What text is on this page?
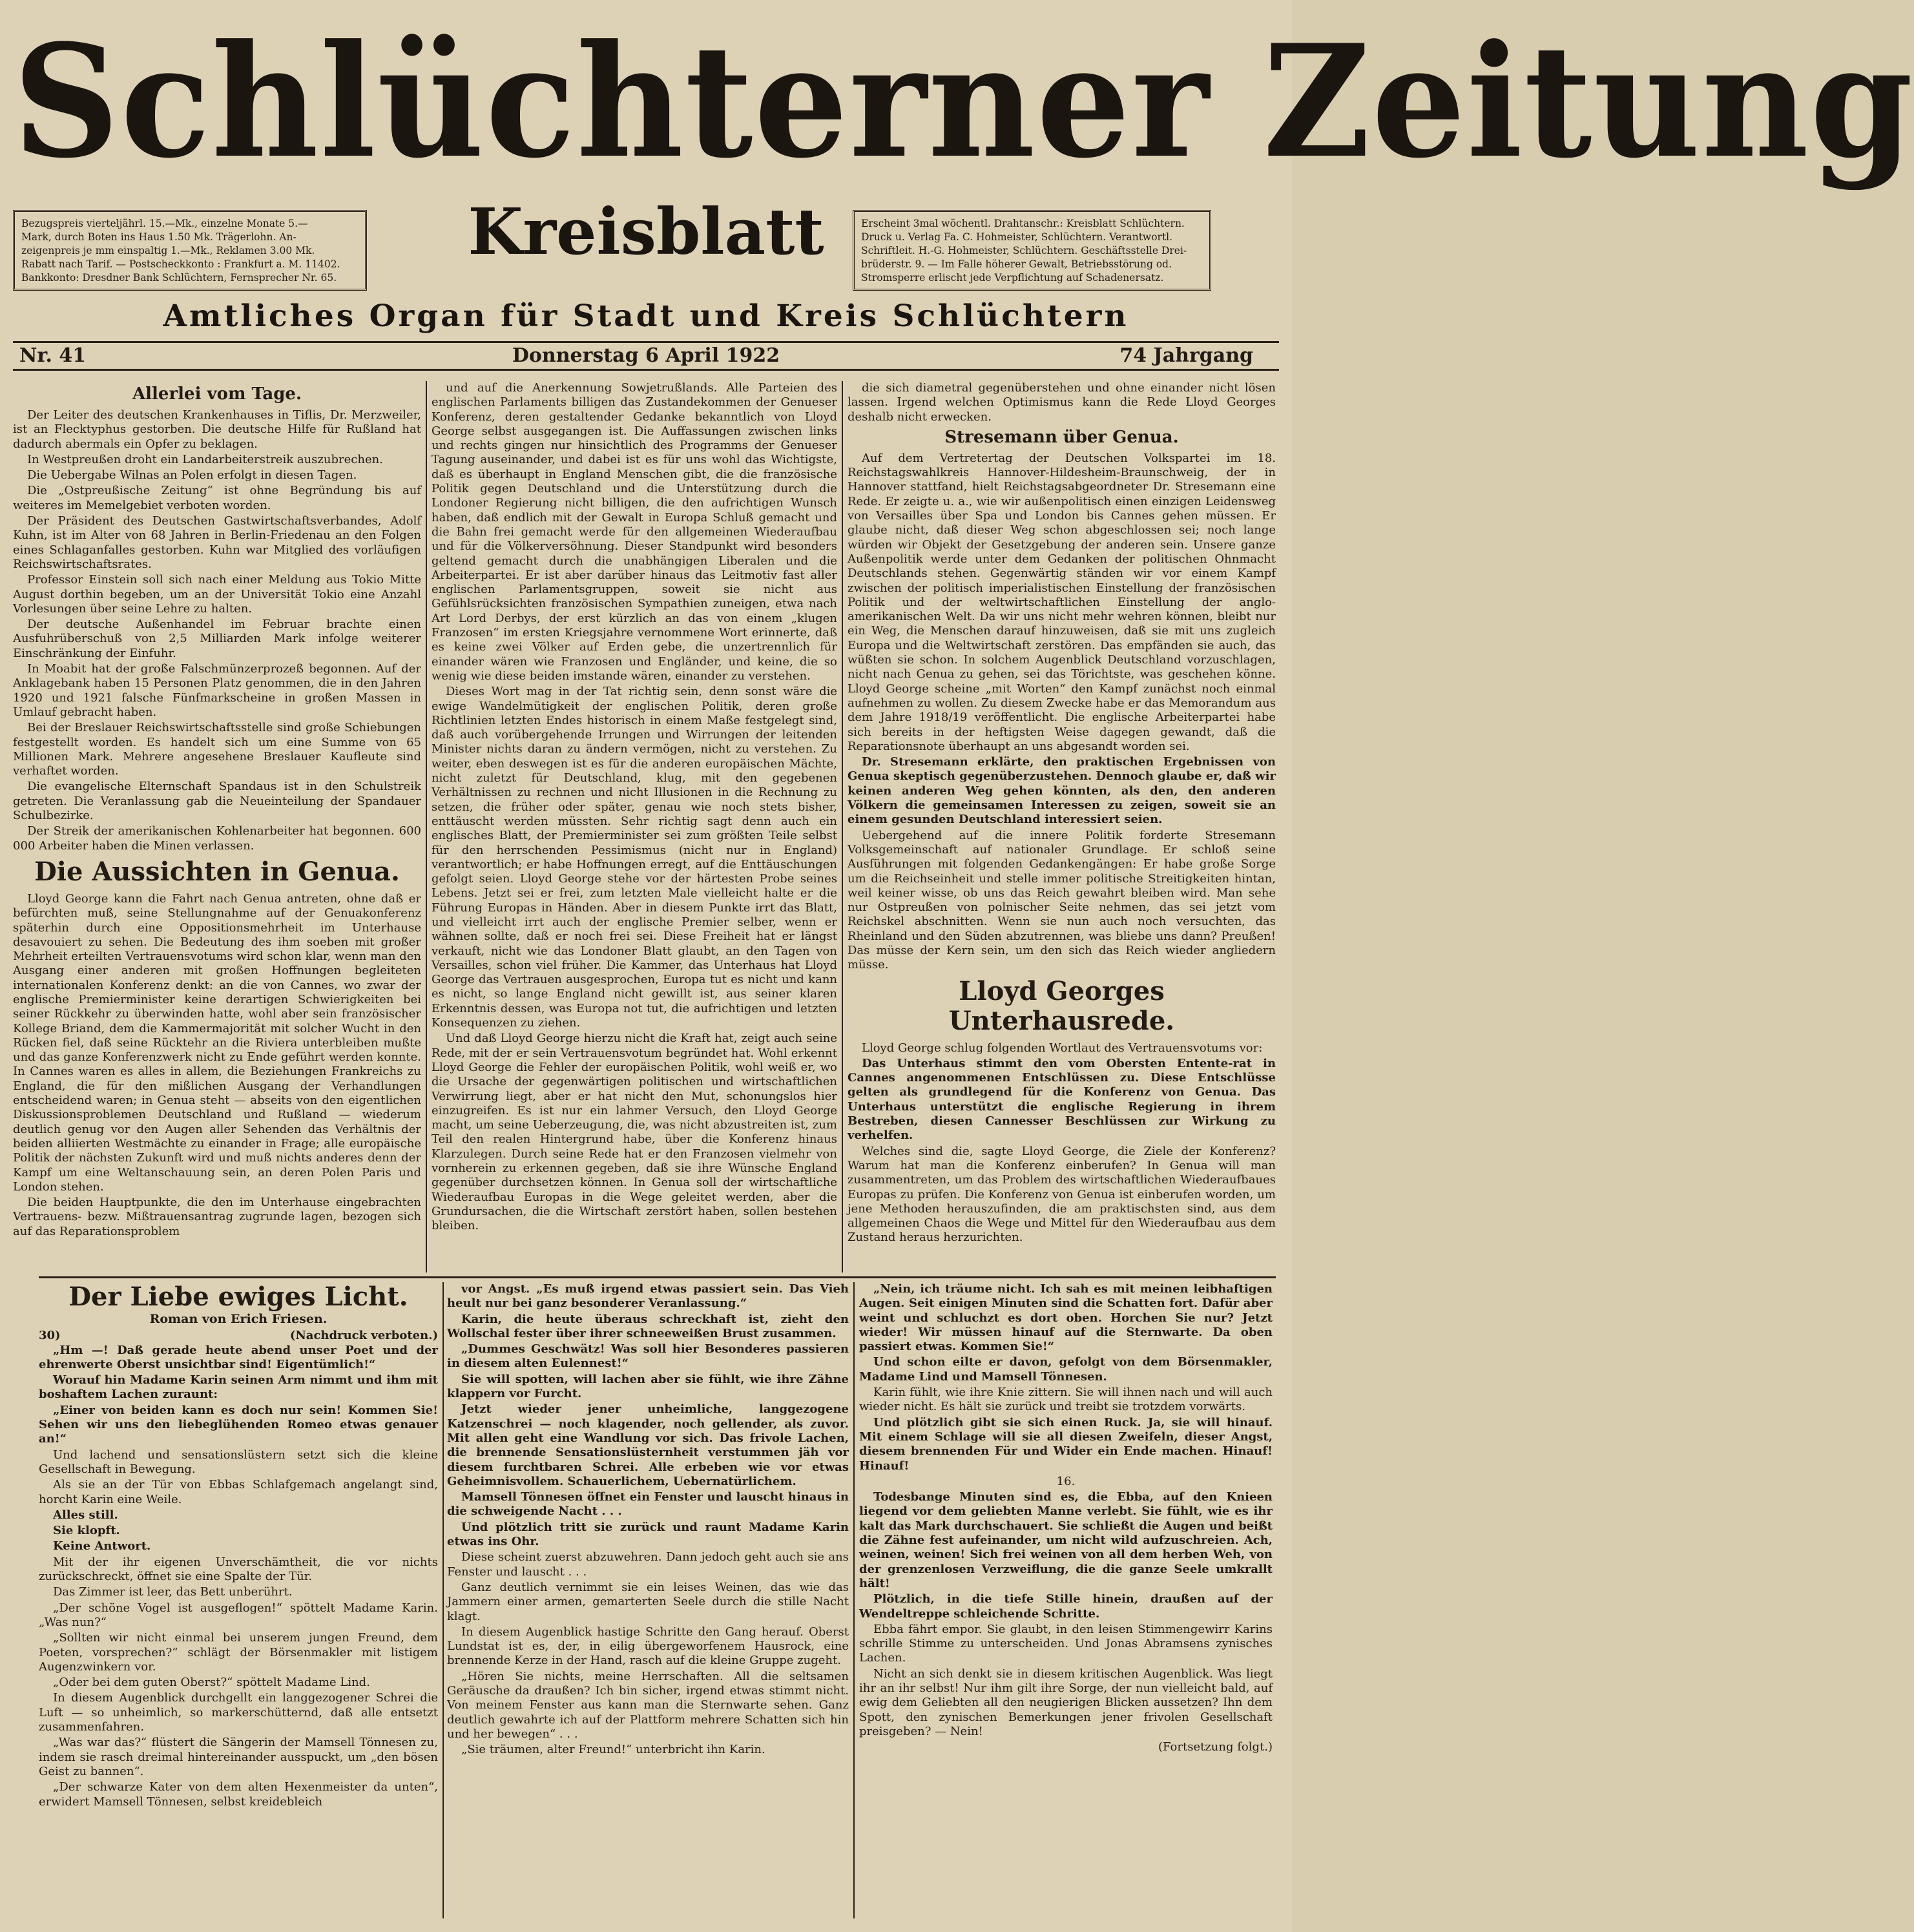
Schlüchterner Zeitung
Bezugspreis vierteljährl. 15.—Mk., einzelne Monate 5.—
Mark, durch Boten ins Haus 1.50 Mk. Trägerlohn. An-
zeigenpreis je mm einspaltig 1.—Mk., Reklamen 3.00 Mk.
Rabatt nach Tarif. — Postscheckkonto : Frankfurt a. M. 11402.
Bankkonto: Dresdner Bank Schlüchtern, Fernsprecher Nr. 65.
Kreisblatt	Erscheint 3mal wöchentl. Drahtanschr.: Kreisblatt Schlüchtern.
Druck u. Verlag Fa. C. Hohmeister, Schlüchtern. Verantwortl.
Schriftleit. H.-G. Hohmeister, Schlüchtern. Geschäftsstelle Drei-
brüderstr. 9. — Im Falle höherer Gewalt, Betriebsstörung od.
Stromsperre erlischt jede Verpflichtung auf Schadenersatz.
Amtliches Organ für Stadt und Kreis Schlüchtern
Donnerstag 6 April 1922
Nr. 41	74 Jahrgang
Allerlei vom Tage.

Der Leiter des deutschen Krankenhauses in Tiflis, Dr. Merzweiler, ist an Flecktyphus gestorben. Die deutsche Hilfe für Rußland hat dadurch abermals ein Opfer zu beklagen.

In Westpreußen droht ein Landarbeiterstreik auszubrechen.

Die Uebergabe Wilnas an Polen erfolgt in diesen Tagen.

Die „Ostpreußische Zeitung“ ist ohne Begründung bis auf weiteres im Memelgebiet verboten worden.

Der Präsident des Deutschen Gastwirtschaftsverbandes, Adolf Kuhn, ist im Alter von 68 Jahren in Berlin-Friedenau an den Folgen eines Schlaganfalles gestorben. Kuhn war Mitglied des vorläufigen Reichswirtschaftsrates.

Professor Einstein soll sich nach einer Meldung aus Tokio Mitte August dorthin begeben, um an der Universität Tokio eine Anzahl Vorlesungen über seine Lehre zu halten.

Der deutsche Außenhandel im Februar brachte einen Ausfuhrüberschuß von 2,5 Milliarden Mark infolge weiterer Einschränkung der Einfuhr.

In Moabit hat der große Falschmünzerprozeß begonnen. Auf der Anklagebank haben 15 Personen Platz genommen, die in den Jahren 1920 und 1921 falsche Fünfmarkscheine in großen Massen in Umlauf gebracht haben.

Bei der Breslauer Reichswirtschaftsstelle sind große Schiebungen festgestellt worden. Es handelt sich um eine Summe von 65 Millionen Mark. Mehrere angesehene Breslauer Kaufleute sind verhaftet worden.

Die evangelische Elternschaft Spandaus ist in den Schulstreik getreten. Die Veranlassung gab die Neueinteilung der Spandauer Schulbezirke.

Der Streik der amerikanischen Kohlenarbeiter hat begonnen. 600 000 Arbeiter haben die Minen verlassen.

Die Aussichten in Genua.

Lloyd George kann die Fahrt nach Genua antreten, ohne daß er befürchten muß, seine Stellungnahme auf der Genuakonferenz späterhin durch eine Oppositionsmehrheit im Unterhause desavouiert zu sehen. Die Bedeutung des ihm soeben mit großer Mehrheit erteilten Vertrauensvotums wird schon klar, wenn man den Ausgang einer anderen mit großen Hoffnungen begleiteten internationalen Konferenz denkt: an die von Cannes, wo zwar der englische Premierminister keine derartigen Schwierigkeiten bei seiner Rückkehr zu überwinden hatte, wohl aber sein französischer Kollege Briand, dem die Kammermajorität mit solcher Wucht in den Rücken fiel, daß seine Rücktehr an die Riviera unterbleiben mußte und das ganze Konferenzwerk nicht zu Ende geführt werden konnte. In Cannes waren es alles in allem, die Beziehungen Frankreichs zu England, die für den mißlichen Ausgang der Verhandlungen entscheidend waren; in Genua steht — abseits von den eigentlichen Diskussionsproblemen Deutschland und Rußland — wiederum deutlich genug vor den Augen aller Sehenden das Verhältnis der beiden alliierten Westmächte zu einander in Frage; alle europäische Politik der nächsten Zukunft wird und muß nichts anderes denn der Kampf um eine Weltanschauung sein, an deren Polen Paris und London stehen.

Die beiden Hauptpunkte, die den im Unterhause eingebrachten Vertrauens- bezw. Mißtrauensantrag zugrunde lagen, bezogen sich auf das Reparationsproblem

und auf die Anerkennung Sowjetrußlands. Alle Parteien des englischen Parlaments billigen das Zustandekommen der Genueser Konferenz, deren gestaltender Gedanke bekanntlich von Lloyd George selbst ausgegangen ist. Die Auffassungen zwischen links und rechts gingen nur hinsichtlich des Programms der Genueser Tagung auseinander, und dabei ist es für uns wohl das Wichtigste, daß es überhaupt in England Menschen gibt, die die französische Politik gegen Deutschland und die Unterstützung durch die Londoner Regierung nicht billigen, die den aufrichtigen Wunsch haben, daß endlich mit der Gewalt in Europa Schluß gemacht und die Bahn frei gemacht werde für den allgemeinen Wiederaufbau und für die Völkerversöhnung. Dieser Standpunkt wird besonders geltend gemacht durch die unabhängigen Liberalen und die Arbeiterpartei. Er ist aber darüber hinaus das Leitmotiv fast aller englischen Parlamentsgruppen, soweit sie nicht aus Gefühlsrücksichten französischen Sympathien zuneigen, etwa nach Art Lord Derbys, der erst kürzlich an das von einem „klugen Franzosen“ im ersten Kriegsjahre vernommene Wort erinnerte, daß es keine zwei Völker auf Erden gebe, die unzertrennlich für einander wären wie Franzosen und Engländer, und keine, die so wenig wie diese beiden imstande wären, einander zu verstehen.

Dieses Wort mag in der Tat richtig sein, denn sonst wäre die ewige Wandelmütigkeit der englischen Politik, deren große Richtlinien letzten Endes historisch in einem Maße festgelegt sind, daß auch vorübergehende Irrungen und Wirrungen der leitenden Minister nichts daran zu ändern vermögen, nicht zu verstehen. Zu weiter, eben deswegen ist es für die anderen europäischen Mächte, nicht zuletzt für Deutschland, klug, mit den gegebenen Verhältnissen zu rechnen und nicht Illusionen in die Rechnung zu setzen, die früher oder später, genau wie noch stets bisher, enttäuscht werden müssten. Sehr richtig sagt denn auch ein englisches Blatt, der Premierminister sei zum größten Teile selbst für den herrschenden Pessimismus (nicht nur in England) verantwortlich; er habe Hoffnungen erregt, auf die Enttäuschungen gefolgt seien. Lloyd George stehe vor der härtesten Probe seines Lebens. Jetzt sei er frei, zum letzten Male vielleicht halte er die Führung Europas in Händen. Aber in diesem Punkte irrt das Blatt, und vielleicht irrt auch der englische Premier selber, wenn er wähnen sollte, daß er noch frei sei. Diese Freiheit hat er längst verkauft, nicht wie das Londoner Blatt glaubt, an den Tagen von Versailles, schon viel früher. Die Kammer, das Unterhaus hat Lloyd George das Vertrauen ausgesprochen, Europa tut es nicht und kann es nicht, so lange England nicht gewillt ist, aus seiner klaren Erkenntnis dessen, was Europa not tut, die aufrichtigen und letzten Konsequenzen zu ziehen.

Und daß Lloyd George hierzu nicht die Kraft hat, zeigt auch seine Rede, mit der er sein Vertrauensvotum begründet hat. Wohl erkennt Lloyd George die Fehler der europäischen Politik, wohl weiß er, wo die Ursache der gegenwärtigen politischen und wirtschaftlichen Verwirrung liegt, aber er hat nicht den Mut, schonungslos hier einzugreifen. Es ist nur ein lahmer Versuch, den Lloyd George macht, um seine Ueberzeugung, die, was nicht abzustreiten ist, zum Teil den realen Hintergrund habe, über die Konferenz hinaus Klarzulegen. Durch seine Rede hat er den Franzosen vielmehr von vornherein zu erkennen gegeben, daß sie ihre Wünsche England gegenüber durchsetzen können. In Genua soll der wirtschaftliche Wiederaufbau Europas in die Wege geleitet werden, aber die Grundursachen, die die Wirtschaft zerstört haben, sollen bestehen bleiben.

die sich diametral gegenüberstehen und ohne einander nicht lösen lassen. Irgend welchen Optimismus kann die Rede Lloyd Georges deshalb nicht erwecken.

Stresemann über Genua.

Auf dem Vertretertag der Deutschen Volkspartei im 18. Reichstagswahlkreis Hannover-Hildesheim-Braunschweig, der in Hannover stattfand, hielt Reichstagsabgeordneter Dr. Stresemann eine Rede. Er zeigte u. a., wie wir außenpolitisch einen einzigen Leidensweg von Versailles über Spa und London bis Cannes gehen müssen. Er glaube nicht, daß dieser Weg schon abgeschlossen sei; noch lange würden wir Objekt der Gesetzgebung der anderen sein. Unsere ganze Außenpolitik werde unter dem Gedanken der politischen Ohnmacht Deutschlands stehen. Gegenwärtig ständen wir vor einem Kampf zwischen der politisch imperialistischen Einstellung der französischen Politik und der weltwirtschaftlichen Einstellung der anglo-amerikanischen Welt. Da wir uns nicht mehr wehren können, bleibt nur ein Weg, die Menschen darauf hinzuweisen, daß sie mit uns zugleich Europa und die Weltwirtschaft zerstören. Das empfänden sie auch, das wüßten sie schon. In solchem Augenblick Deutschland vorzuschlagen, nicht nach Genua zu gehen, sei das Törichtste, was geschehen könne. Lloyd George scheine „mit Worten“ den Kampf zunächst noch einmal aufnehmen zu wollen. Zu diesem Zwecke habe er das Memorandum aus dem Jahre 1918/19 veröffentlicht. Die englische Arbeiterpartei habe sich bereits in der heftigsten Weise dagegen gewandt, daß die Reparationsnote überhaupt an uns abgesandt worden sei.

Dr. Stresemann erklärte, den praktischen Ergebnissen von Genua skeptisch gegenüberzustehen. Dennoch glaube er, daß wir keinen anderen Weg gehen könnten, als den, den anderen Völkern die gemeinsamen Interessen zu zeigen, soweit sie an einem gesunden Deutschland interessiert seien.

Uebergehend auf die innere Politik forderte Stresemann Volksgemeinschaft auf nationaler Grundlage. Er schloß seine Ausführungen mit folgenden Gedankengängen: Er habe große Sorge um die Reichseinheit und stelle immer politische Streitigkeiten hintan, weil keiner wisse, ob uns das Reich gewahrt bleiben wird. Man sehe nur Ostpreußen von polnischer Seite nehmen, das sei jetzt vom Reichskel abschnitten. Wenn sie nun auch noch versuchten, das Rheinland und den Süden abzutrennen, was bliebe uns dann? Preußen! Das müsse der Kern sein, um den sich das Reich wieder angliedern müsse.

Lloyd Georges Unterhausrede.

Lloyd George schlug folgenden Wortlaut des Vertrauensvotums vor:

Das Unterhaus stimmt den vom Obersten Entente-rat in Cannes angenommenen Entschlüssen zu. Diese Entschlüsse gelten als grundlegend für die Konferenz von Genua. Das Unterhaus unterstützt die englische Regierung in ihrem Bestreben, diesen Cannesser Beschlüssen zur Wirkung zu verhelfen.

Welches sind die, sagte Lloyd George, die Ziele der Konferenz? Warum hat man die Konferenz einberufen? In Genua will man zusammentreten, um das Problem des wirtschaftlichen Wiederaufbaues Europas zu prüfen. Die Konferenz von Genua ist einberufen worden, um jene Methoden herauszufinden, die am praktischsten sind, aus dem allgemeinen Chaos die Wege und Mittel für den Wiederaufbau aus dem Zustand heraus herzurichten.

Der Liebe ewiges Licht.
Roman von Erich Friesen.
30)	(Nachdruck verboten.)

„Hm —! Daß gerade heute abend unser Poet und der ehrenwerte Oberst unsichtbar sind! Eigentümlich!“

Worauf hin Madame Karin seinen Arm nimmt und ihm mit boshaftem Lachen zuraunt:

„Einer von beiden kann es doch nur sein! Kommen Sie! Sehen wir uns den liebeglühenden Romeo etwas genauer an!“

Und lachend und sensationslüstern setzt sich die kleine Gesellschaft in Bewegung.

Als sie an der Tür von Ebbas Schlafgemach angelangt sind, horcht Karin eine Weile.

Alles still.

Sie klopft.

Keine Antwort.

Mit der ihr eigenen Unverschämtheit, die vor nichts zurückschreckt, öffnet sie eine Spalte der Tür.

Das Zimmer ist leer, das Bett unberührt.

„Der schöne Vogel ist ausgeflogen!“ spöttelt Madame Karin. „Was nun?“

„Sollten wir nicht einmal bei unserem jungen Freund, dem Poeten, vorsprechen?“ schlägt der Börsenmakler mit listigem Augenzwinkern vor.

„Oder bei dem guten Oberst?“ spöttelt Madame Lind.

In diesem Augenblick durchgellt ein langgezogener Schrei die Luft — so unheimlich, so markerschütternd, daß alle entsetzt zusammenfahren.

„Was war das?“ flüstert die Sängerin der Mamsell Tönnesen zu, indem sie rasch dreimal hintereinander ausspuckt, um „den bösen Geist zu bannen“.

„Der schwarze Kater von dem alten Hexenmeister da unten“, erwidert Mamsell Tönnesen, selbst kreidebleich

vor Angst. „Es muß irgend etwas passiert sein. Das Vieh heult nur bei ganz besonderer Veranlassung.“

Karin, die heute überaus schreckhaft ist, zieht den Wollschal fester über ihrer schneeweißen Brust zusammen.

„Dummes Geschwätz! Was soll hier Besonderes passieren in diesem alten Eulennest!“

Sie will spotten, will lachen aber sie fühlt, wie ihre Zähne klappern vor Furcht.

Jetzt wieder jener unheimliche, langgezogene Katzenschrei — noch klagender, noch gellender, als zuvor. Mit allen geht eine Wandlung vor sich. Das frivole Lachen, die brennende Sensationslüsternheit verstummen jäh vor diesem furchtbaren Schrei. Alle erbeben wie vor etwas Geheimnisvollem. Schauerlichem, Uebernatürlichem.

Mamsell Tönnesen öffnet ein Fenster und lauscht hinaus in die schweigende Nacht . . .

Und plötzlich tritt sie zurück und raunt Madame Karin etwas ins Ohr.

Diese scheint zuerst abzuwehren. Dann jedoch geht auch sie ans Fenster und lauscht . . .

Ganz deutlich vernimmt sie ein leises Weinen, das wie das Jammern einer armen, gemarterten Seele durch die stille Nacht klagt.

In diesem Augenblick hastige Schritte den Gang herauf. Oberst Lundstat ist es, der, in eilig übergeworfenem Hausrock, eine brennende Kerze in der Hand, rasch auf die kleine Gruppe zugeht.

„Hören Sie nichts, meine Herrschaften. All die seltsamen Geräusche da draußen? Ich bin sicher, irgend etwas stimmt nicht. Von meinem Fenster aus kann man die Sternwarte sehen. Ganz deutlich gewahrte ich auf der Plattform mehrere Schatten sich hin und her bewegen“ . . .

„Sie träumen, alter Freund!“ unterbricht ihn Karin.

„Nein, ich träume nicht. Ich sah es mit meinen leibhaftigen Augen. Seit einigen Minuten sind die Schatten fort. Dafür aber weint und schluchzt es dort oben. Horchen Sie nur? Jetzt wieder! Wir müssen hinauf auf die Sternwarte. Da oben passiert etwas. Kommen Sie!“

Und schon eilte er davon, gefolgt von dem Börsenmakler, Madame Lind und Mamsell Tönnesen.

Karin fühlt, wie ihre Knie zittern. Sie will ihnen nach und will auch wieder nicht. Es hält sie zurück und treibt sie trotzdem vorwärts.

Und plötzlich gibt sie sich einen Ruck. Ja, sie will hinauf. Mit einem Schlage will sie all diesen Zweifeln, dieser Angst, diesem brennenden Für und Wider ein Ende machen. Hinauf! Hinauf!

16.

Todesbange Minuten sind es, die Ebba, auf den Knieen liegend vor dem geliebten Manne verlebt. Sie fühlt, wie es ihr kalt das Mark durchschauert. Sie schließt die Augen und beißt die Zähne fest aufeinander, um nicht wild aufzuschreien. Ach, weinen, weinen! Sich frei weinen von all dem herben Weh, von der grenzenlosen Verzweiflung, die die ganze Seele umkrallt hält!

Plötzlich, in die tiefe Stille hinein, draußen auf der Wendeltreppe schleichende Schritte.

Ebba fährt empor. Sie glaubt, in den leisen Stimmengewirr Karins schrille Stimme zu unterscheiden. Und Jonas Abramsens zynisches Lachen.

Nicht an sich denkt sie in diesem kritischen Augenblick. Was liegt ihr an ihr selbst! Nur ihm gilt ihre Sorge, der nun vielleicht bald, auf ewig dem Geliebten all den neugierigen Blicken aussetzen? Ihn dem Spott, den zynischen Bemerkungen jener frivolen Gesellschaft preisgeben? — Nein!

(Fortsetzung folgt.)
